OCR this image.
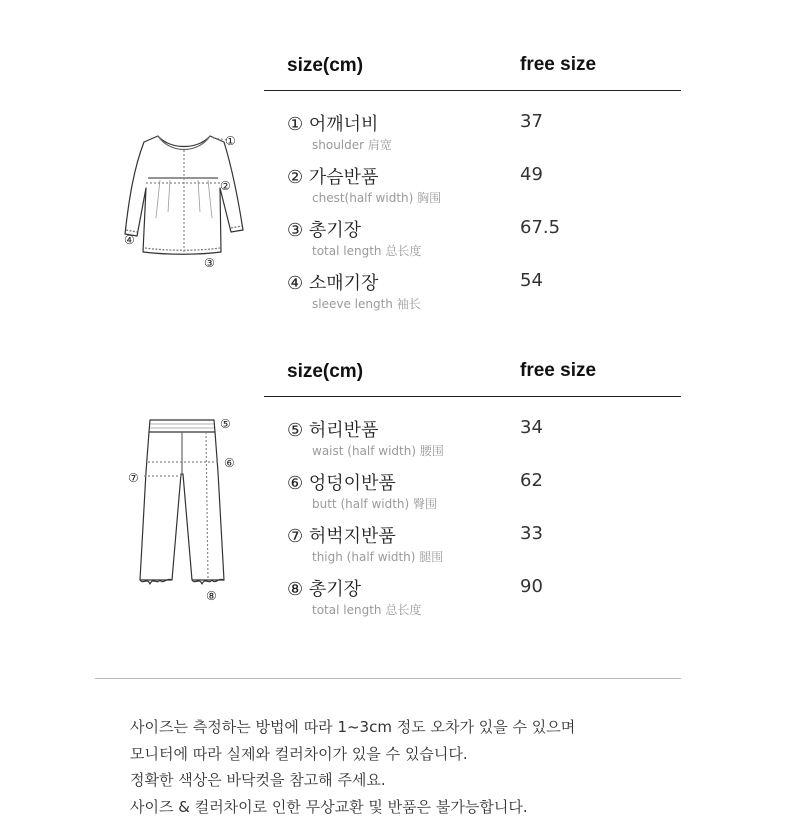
size(cm)	free size
① 어깨너비
shoulder 肩宽
37
② 가슴반품
chest(half width) 胸围
49
③ 총기장
total length 总长度
67.5
④ 소매기장
sleeve length 袖长
54
①
②
③
④
size(cm)	free size
⑤ 허리반품
waist (half width) 腰围
34
⑥ 엉덩이반품
butt (half width) 臀围
62
⑦ 허벅지반품
thigh (half width) 腿围
33
⑧ 총기장
total length 总长度
90
⑤
⑥
⑦
⑧
사이즈는 측정하는 방법에 따라 1~3cm 정도 오차가 있을 수 있으며
모니터에 따라 실제와 컬러차이가 있을 수 있습니다.
정확한 색상은 바닥컷을 참고해 주세요.
사이즈 & 컬러차이로 인한 무상교환 및 반품은 불가능합니다.
